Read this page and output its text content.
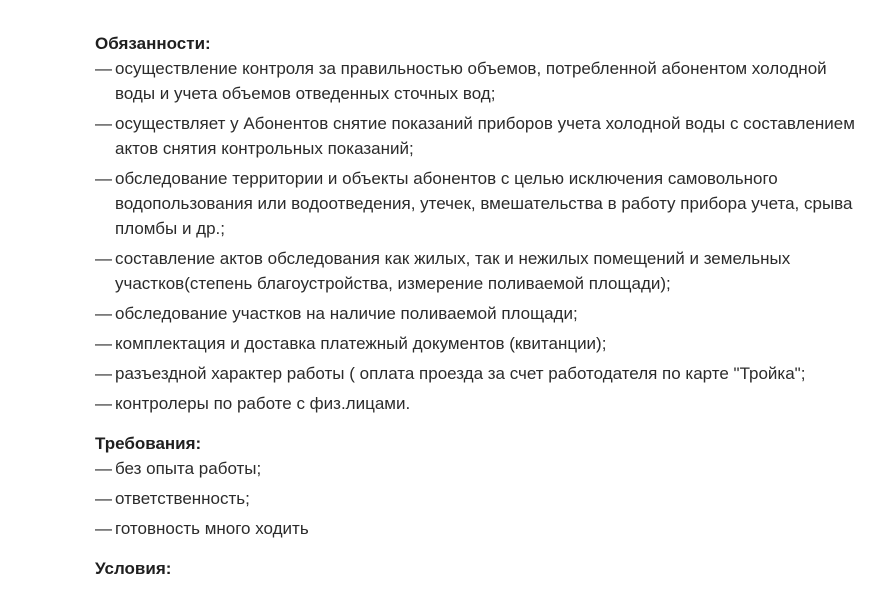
Обязанности:

— осуществление контроля за правильностью объемов, потребленной абонентом холодной воды и учета объемов отведенных сточных вод;
— осуществляет у Абонентов снятие показаний приборов учета холодной воды с составлением актов снятия контрольных показаний;
— обследование территории и объекты абонентов с целью исключения самовольного водопользования или водоотведения, утечек, вмешательства в работу прибора учета, срыва пломбы и др.;
— составление актов обследования как жилых, так и нежилых помещений и земельных участков(степень благоустройства, измерение поливаемой площади);
— обследование участков на наличие поливаемой площади;
— комплектация и доставка платежный документов (квитанции);
— разъездной характер работы ( оплата проезда за счет работодателя по карте "Тройка";
— контролеры по работе с физ.лицами.

Требования:

— без опыта работы;
— ответственность;
— готовность много ходить

Условия:
